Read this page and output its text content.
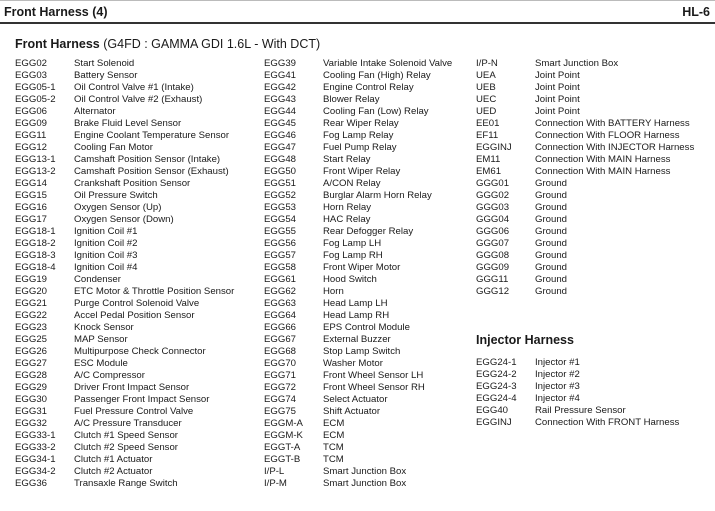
Front Harness (4)	HL-6
Front Harness (G4FD : GAMMA GDI 1.6L - With DCT)
EGG02	Start Solenoid
EGG03	Battery Sensor
EGG05-1 Oil Control Valve #1 (Intake)
EGG05-2 Oil Control Valve #2 (Exhaust)
EGG06	Alternator
EGG09	Brake Fluid Level Sensor
EGG11	Engine Coolant Temperature Sensor
EGG12	Cooling Fan Motor
EGG13-1 Camshaft Position Sensor (Intake)
EGG13-2 Camshaft Position Sensor (Exhaust)
EGG14	Crankshaft Position Sensor
EGG15	Oil Pressure Switch
EGG16	Oxygen Sensor (Up)
EGG17	Oxygen Sensor (Down)
EGG18-1 Ignition Coil #1
EGG18-2 Ignition Coil #2
EGG18-3 Ignition Coil #3
EGG18-4 Ignition Coil #4
EGG19	Condenser
EGG20	ETC Motor & Throttle Position Sensor
EGG21	Purge Control Solenoid Valve
EGG22	Accel Pedal Position Sensor
EGG23	Knock Sensor
EGG25	MAP Sensor
EGG26	Multipurpose Check Connector
EGG27	ESC Module
EGG28	A/C Compressor
EGG29	Driver Front Impact Sensor
EGG30	Passenger Front Impact Sensor
EGG31	Fuel Pressure Control Valve
EGG32	A/C Pressure Transducer
EGG33-1 Clutch #1 Speed Sensor
EGG33-2 Clutch #2 Speed Sensor
EGG34-1 Clutch #1 Actuator
EGG34-2 Clutch #2 Actuator
EGG36	Transaxle Range Switch
EGG39	Variable Intake Solenoid Valve
EGG41	Cooling Fan (High) Relay
EGG42	Engine Control Relay
EGG43	Blower Relay
EGG44	Cooling Fan (Low) Relay
EGG45	Rear Wiper Relay
EGG46	Fog Lamp Relay
EGG47	Fuel Pump Relay
EGG48	Start Relay
EGG50	Front Wiper Relay
EGG51	A/CON Relay
EGG52	Burglar Alarm Horn Relay
EGG53	Horn Relay
EGG54	HAC Relay
EGG55	Rear Defogger Relay
EGG56	Fog Lamp LH
EGG57	Fog Lamp RH
EGG58	Front Wiper Motor
EGG61	Hood Switch
EGG62	Horn
EGG63	Head Lamp LH
EGG64	Head Lamp RH
EGG66	EPS Control Module
EGG67	External Buzzer
EGG68	Stop Lamp Switch
EGG70	Washer Motor
EGG71	Front Wheel Sensor LH
EGG72	Front Wheel Sensor RH
EGG74	Select Actuator
EGG75	Shift Actuator
EGGM-A ECM
EGGM-K ECM
EGGT-A TCM
EGGT-B TCM
I/P-L	Smart Junction Box
I/P-M	Smart Junction Box
I/P-N	Smart Junction Box
UEA	Joint Point
UEB	Joint Point
UEC	Joint Point
UED	Joint Point
EE01	Connection With BATTERY Harness
EF11	Connection With FLOOR Harness
EGGINJ Connection With INJECTOR Harness
EM11	Connection With MAIN Harness
EM61	Connection With MAIN Harness
GGG01	Ground
GGG02	Ground
GGG03	Ground
GGG04	Ground
GGG06	Ground
GGG07	Ground
GGG08	Ground
GGG09	Ground
GGG11	Ground
GGG12	Ground
Injector Harness
EGG24-1 Injector #1
EGG24-2 Injector #2
EGG24-3 Injector #3
EGG24-4 Injector #4
EGG40	Rail Pressure Sensor
EGGINJ Connection With FRONT Harness
